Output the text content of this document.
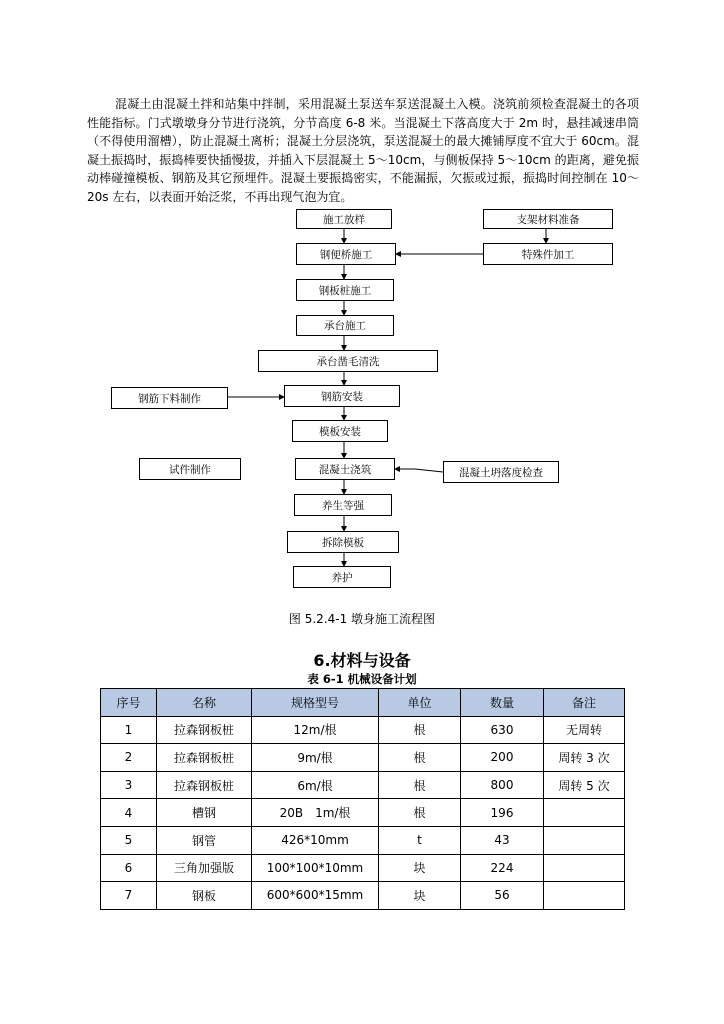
混凝土由混凝土拌和站集中拌制，采用混凝土泵送车泵送混凝土入模。浇筑前须检查混凝土的各项性能指标。门式墩墩身分节进行浇筑，分节高度 6-8 米。当混凝土下落高度大于 2m 时，悬挂减速串筒（不得使用溜槽），防止混凝土离析；混凝土分层浇筑，泵送混凝土的最大摊铺厚度不宜大于 60cm。混凝土振捣时，振捣棒要快插慢拔，并插入下层混凝土 5～10cm，与侧板保持 5～10cm 的距离，避免振动棒碰撞模板、钢筋及其它预埋件。混凝土要振捣密实，不能漏振，欠振或过振，振捣时间控制在 10～20s 左右，以表面开始泛浆，不再出现气泡为宜。

施工放样
钢便桥施工
钢板桩施工
承台施工
承台凿毛清洗
钢筋安装
模板安装
混凝土浇筑
养生等强
拆除模板
养护
支架材料准备
特殊件加工
钢筋下料制作
试件制作	混凝土坍落度检查
图 5.2.4-1 墩身施工流程图
6.材料与设备
表 6-1 机械设备计划
序号	名称	规格型号	单位	数量	备注
1	拉森钢板桩	12m/根	根	630	无周转
2	拉森钢板桩	9m/根	根	200	周转 3 次
3	拉森钢板桩	6m/根	根	800	周转 5 次
4	槽钢	20B　1m/根	根	196	
5	钢管	426*10mm	t	43	
6	三角加强版	100*100*10mm	块	224	
7	钢板	600*600*15mm	块	56	
